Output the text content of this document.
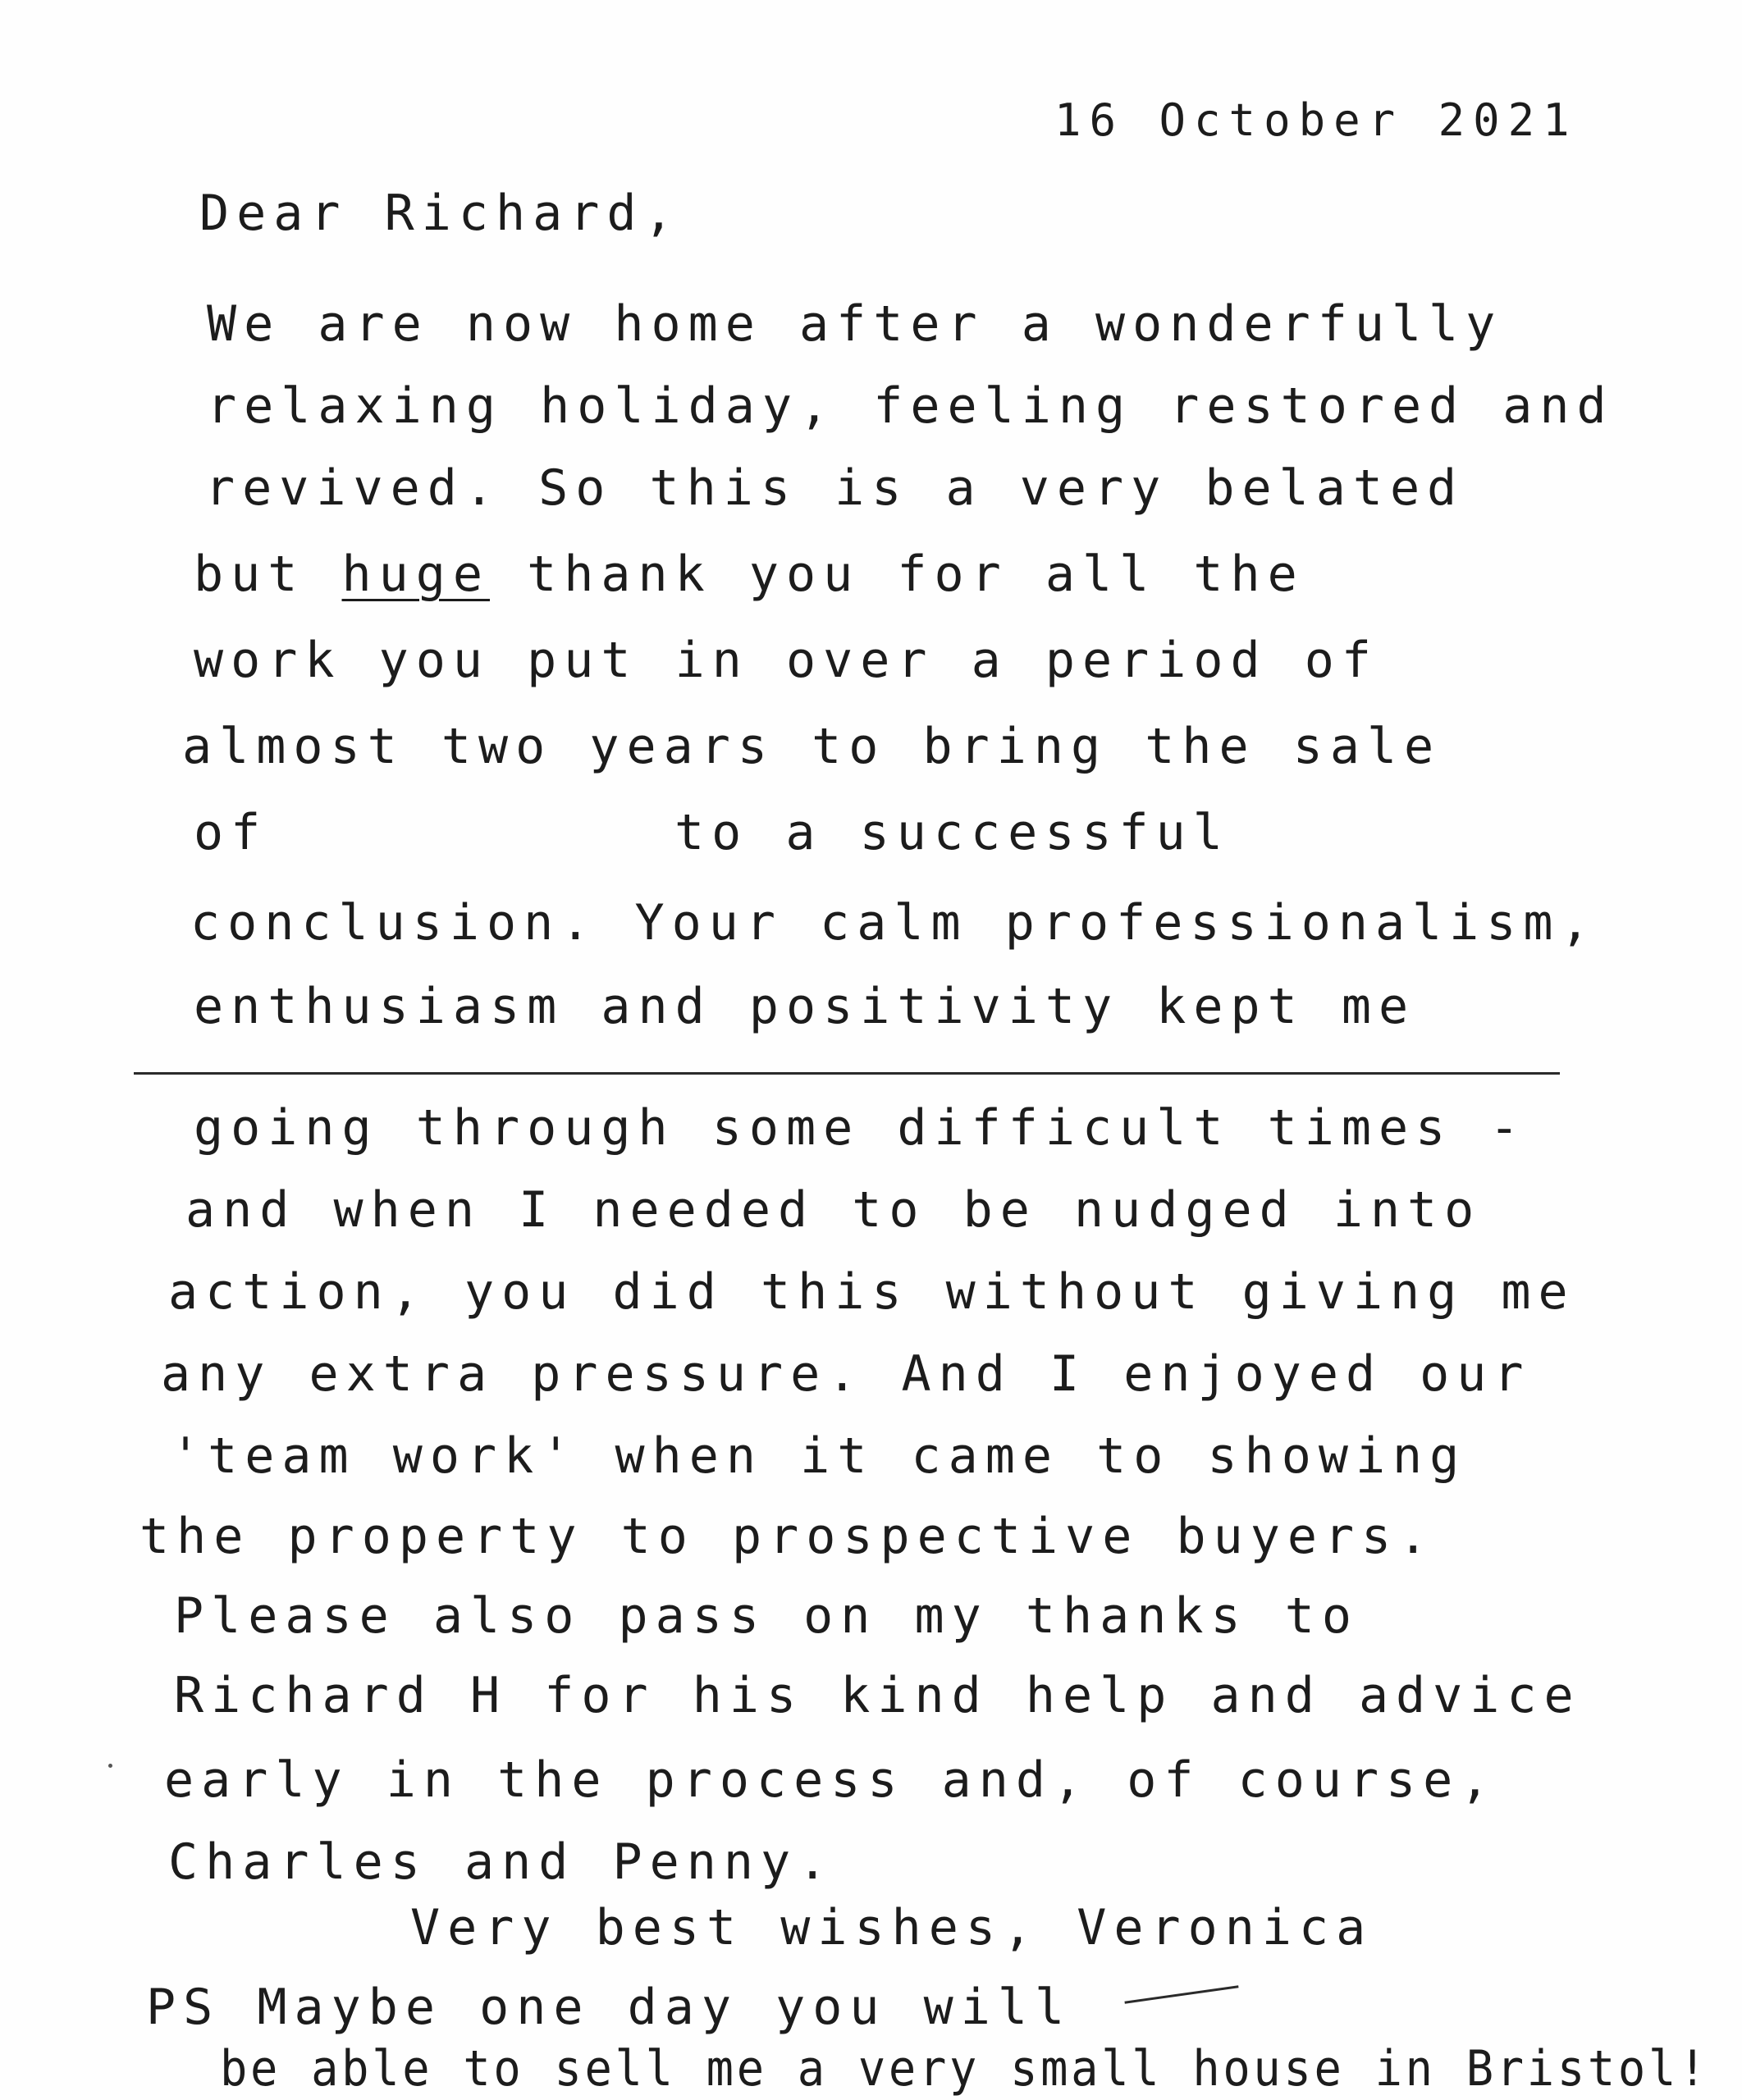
16 October 2021
Dear Richard,
We are now home after a wonderfully
relaxing holiday, feeling restored and
revived. So this is a very belated
but huge thank you for all the
work you put in over a period of
almost two years to bring the sale
of	to a successful
conclusion. Your calm professionalism,
enthusiasm and positivity kept me
going through some difficult times -
and when I needed to be nudged into
action, you did this without giving me
any extra pressure. And I enjoyed our
'team work' when it came to showing
the property to prospective buyers.
Please also pass on my thanks to
Richard H for his kind help and advice
early in the process and, of course,
Charles and Penny.
Very best wishes, Veronica
PS Maybe one day you will
be able to sell me a very small house in Bristol!
